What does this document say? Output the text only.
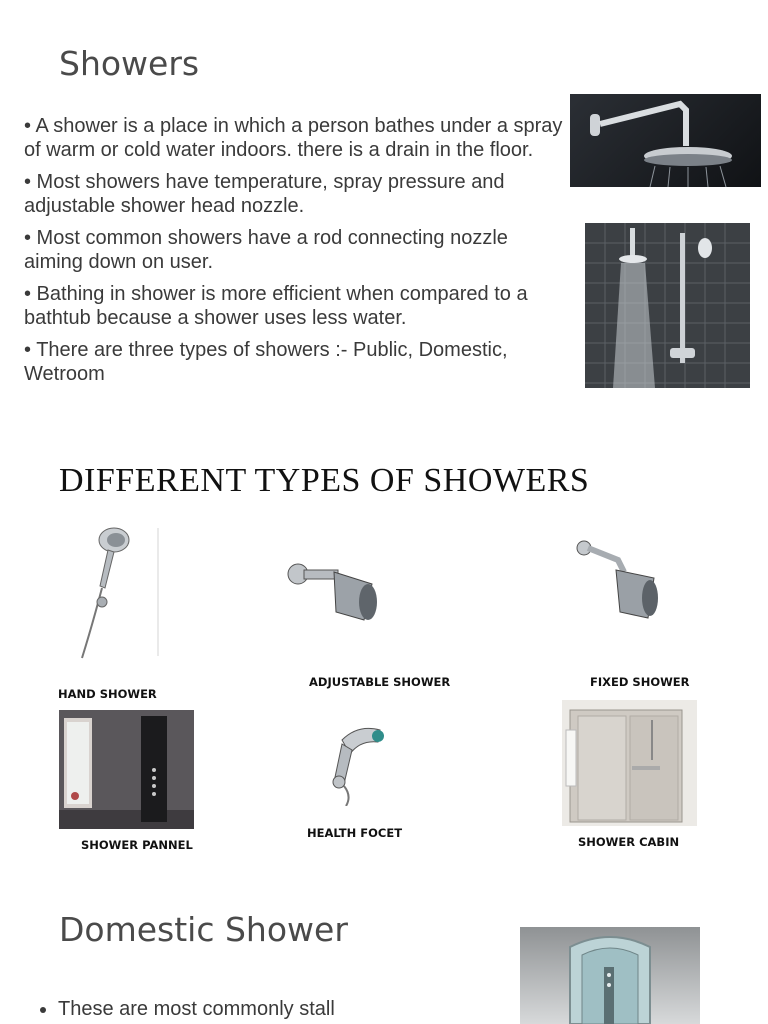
Showers

• A shower is a place in which a person bathes under a spray of warm or cold water indoors. there is a drain in the floor.

• Most showers have temperature, spray pressure and adjustable shower head nozzle.

• Most common showers have a rod connecting nozzle aiming down on user.

• Bathing in shower is more efficient when compared to a bathtub because a shower uses less water.

• There are three types of showers :- Public, Domestic, Wetroom

DIFFERENT TYPES OF SHOWERS
HAND SHOWER
ADJUSTABLE SHOWER	FIXED SHOWER
SHOWER PANNEL
HEALTH FOCET
SHOWER CABIN
Domestic Shower
• These are most commonly stall
